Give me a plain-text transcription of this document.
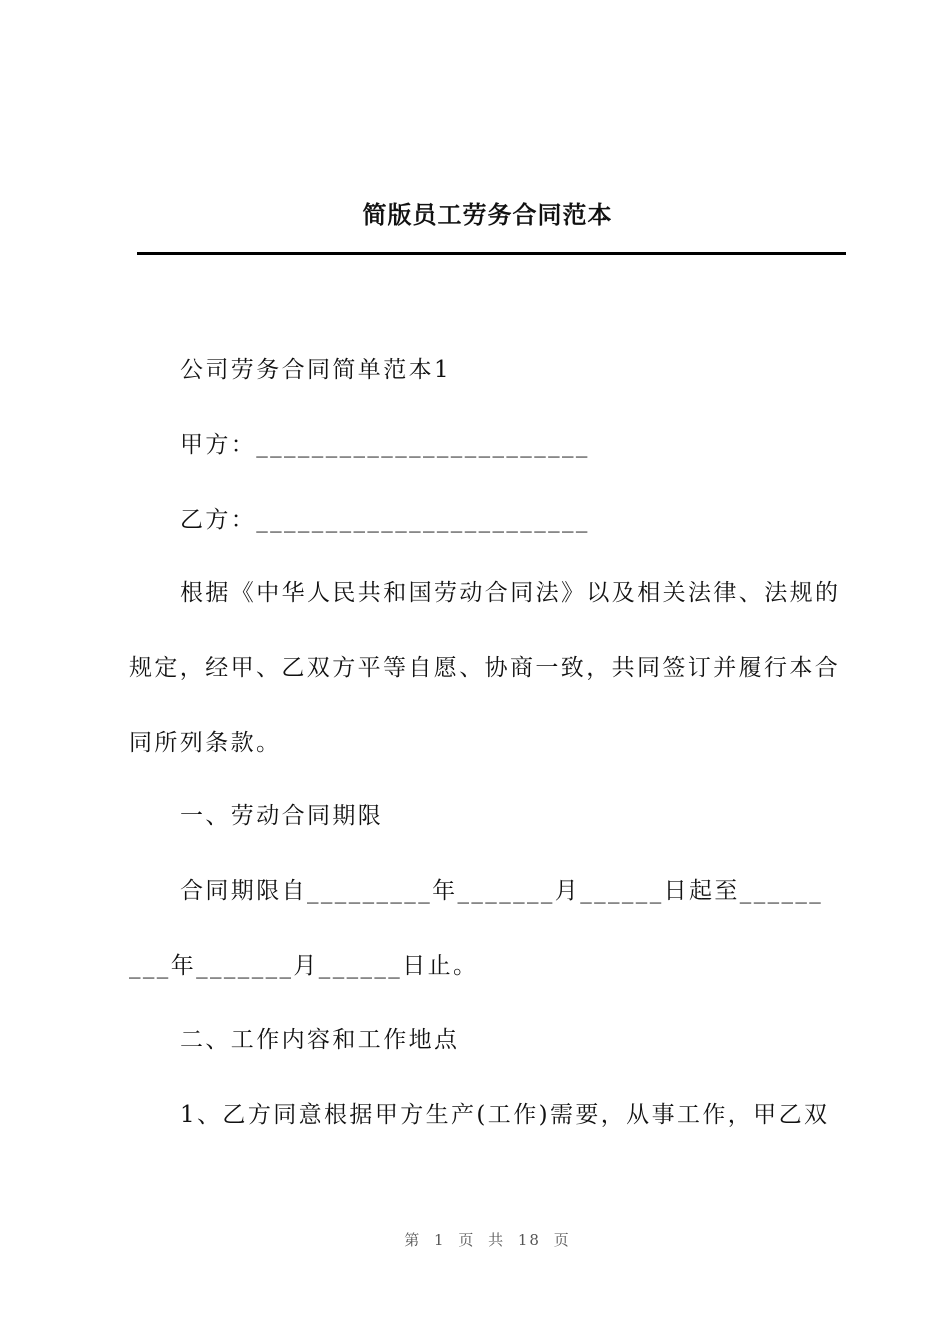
简版员工劳务合同范本
公司劳务合同简单范本1
甲方：________________________
乙方：________________________
根据《中华人民共和国劳动合同法》以及相关法律、法规的
规定，经甲、乙双方平等自愿、协商一致，共同签订并履行本合
同所列条款。
一、劳动合同期限
合同期限自_________年_______月______日起至______
___年_______月______日止。
二、工作内容和工作地点
1、乙方同意根据甲方生产(工作)需要，从事工作，甲乙双
第 1 页 共 18 页
